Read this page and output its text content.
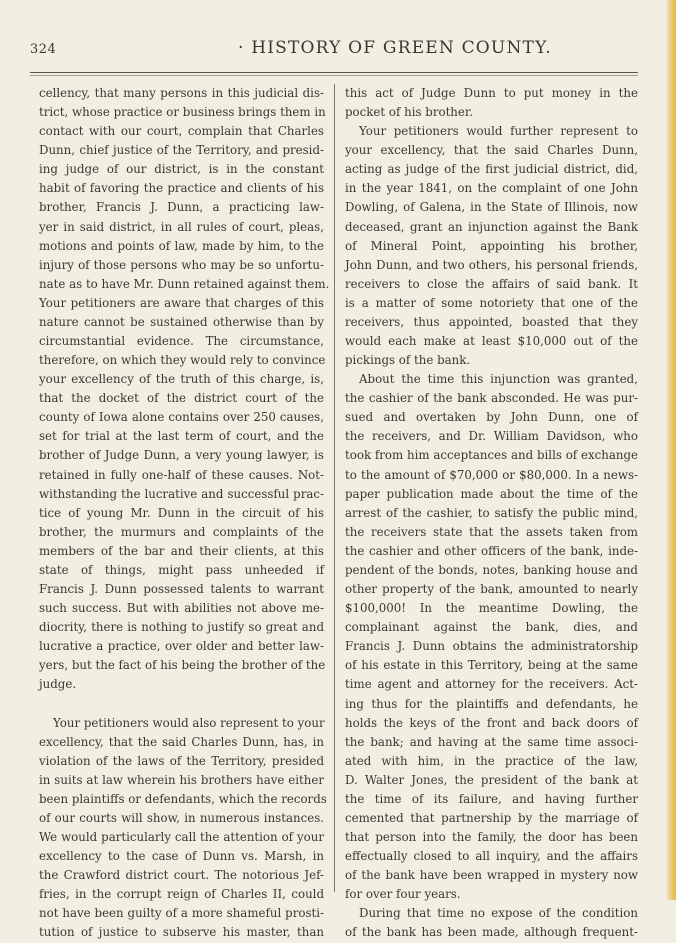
324	· HISTORY OF GREEN COUNTY.

cellency, that many persons in this judicial dis-
trict, whose practice or business brings them in
contact with our court, complain that Charles
Dunn, chief justice of the Territory, and presid-
ing judge of our district, is in the constant
habit of favoring the practice and clients of his
brother, Francis J. Dunn, a practicing law-
yer in said district, in all rules of court, pleas,
motions and points of law, made by him, to the
injury of those persons who may be so unfortu-
nate as to have Mr. Dunn retained against them.
Your petitioners are aware that charges of this
nature cannot be sustained otherwise than by
circumstantial evidence. The circumstance,
therefore, on which they would rely to convince
your excellency of the truth of this charge, is,
that the docket of the district court of the
county of Iowa alone contains over 250 causes,
set for trial at the last term of court, and the
brother of Judge Dunn, a very young lawyer, is
retained in fully one-half of these causes. Not-
withstanding the lucrative and successful prac-
tice of young Mr. Dunn in the circuit of his
brother, the murmurs and complaints of the
members of the bar and their clients, at this
state of things, might pass unheeded if
Francis J. Dunn possessed talents to warrant
such success. But with abilities not above me-
diocrity, there is nothing to justify so great and
lucrative a practice, over older and better law-
yers, but the fact of his being the brother of the
judge.

Your petitioners would also represent to your
excellency, that the said Charles Dunn, has, in
violation of the laws of the Territory, presided
in suits at law wherein his brothers have either
been plaintiffs or defendants, which the records
of our courts will show, in numerous instances.
We would particularly call the attention of your
excellency to the case of Dunn vs. Marsh, in
the Crawford district court. The notorious Jef-
fries, in the corrupt reign of Charles II, could
not have been guilty of a more shameful prosti-
tution of justice to subserve his master, than

this act of Judge Dunn to put money in the
pocket of his brother.

Your petitioners would further represent to
your excellency, that the said Charles Dunn,
acting as judge of the first judicial district, did,
in the year 1841, on the complaint of one John
Dowling, of Galena, in the State of Illinois, now
deceased, grant an injunction against the Bank
of Mineral Point, appointing his brother,
John Dunn, and two others, his personal friends,
receivers to close the affairs of said bank. It
is a matter of some notoriety that one of the
receivers, thus appointed, boasted that they
would each make at least $10,000 out of the
pickings of the bank.

About the time this injunction was granted,
the cashier of the bank absconded. He was pur-
sued and overtaken by John Dunn, one of
the receivers, and Dr. William Davidson, who
took from him acceptances and bills of exchange
to the amount of $70,000 or $80,000. In a news-
paper publication made about the time of the
arrest of the cashier, to satisfy the public mind,
the receivers state that the assets taken from
the cashier and other officers of the bank, inde-
pendent of the bonds, notes, banking house and
other property of the bank, amounted to nearly
$100,000! In the meantime Dowling, the
complainant against the bank, dies, and
Francis J. Dunn obtains the administratorship
of his estate in this Territory, being at the same
time agent and attorney for the receivers. Act-
ing thus for the plaintiffs and defendants, he
holds the keys of the front and back doors of
the bank; and having at the same time associ-
ated with him, in the practice of the law,
D. Walter Jones, the president of the bank at
the time of its failure, and having further
cemented that partnership by the marriage of
that person into the family, the door has been
effectually closed to all inquiry, and the affairs
of the bank have been wrapped in mystery now
for over four years.

During that time no expose of the condition
of the bank has been made, although frequent-
